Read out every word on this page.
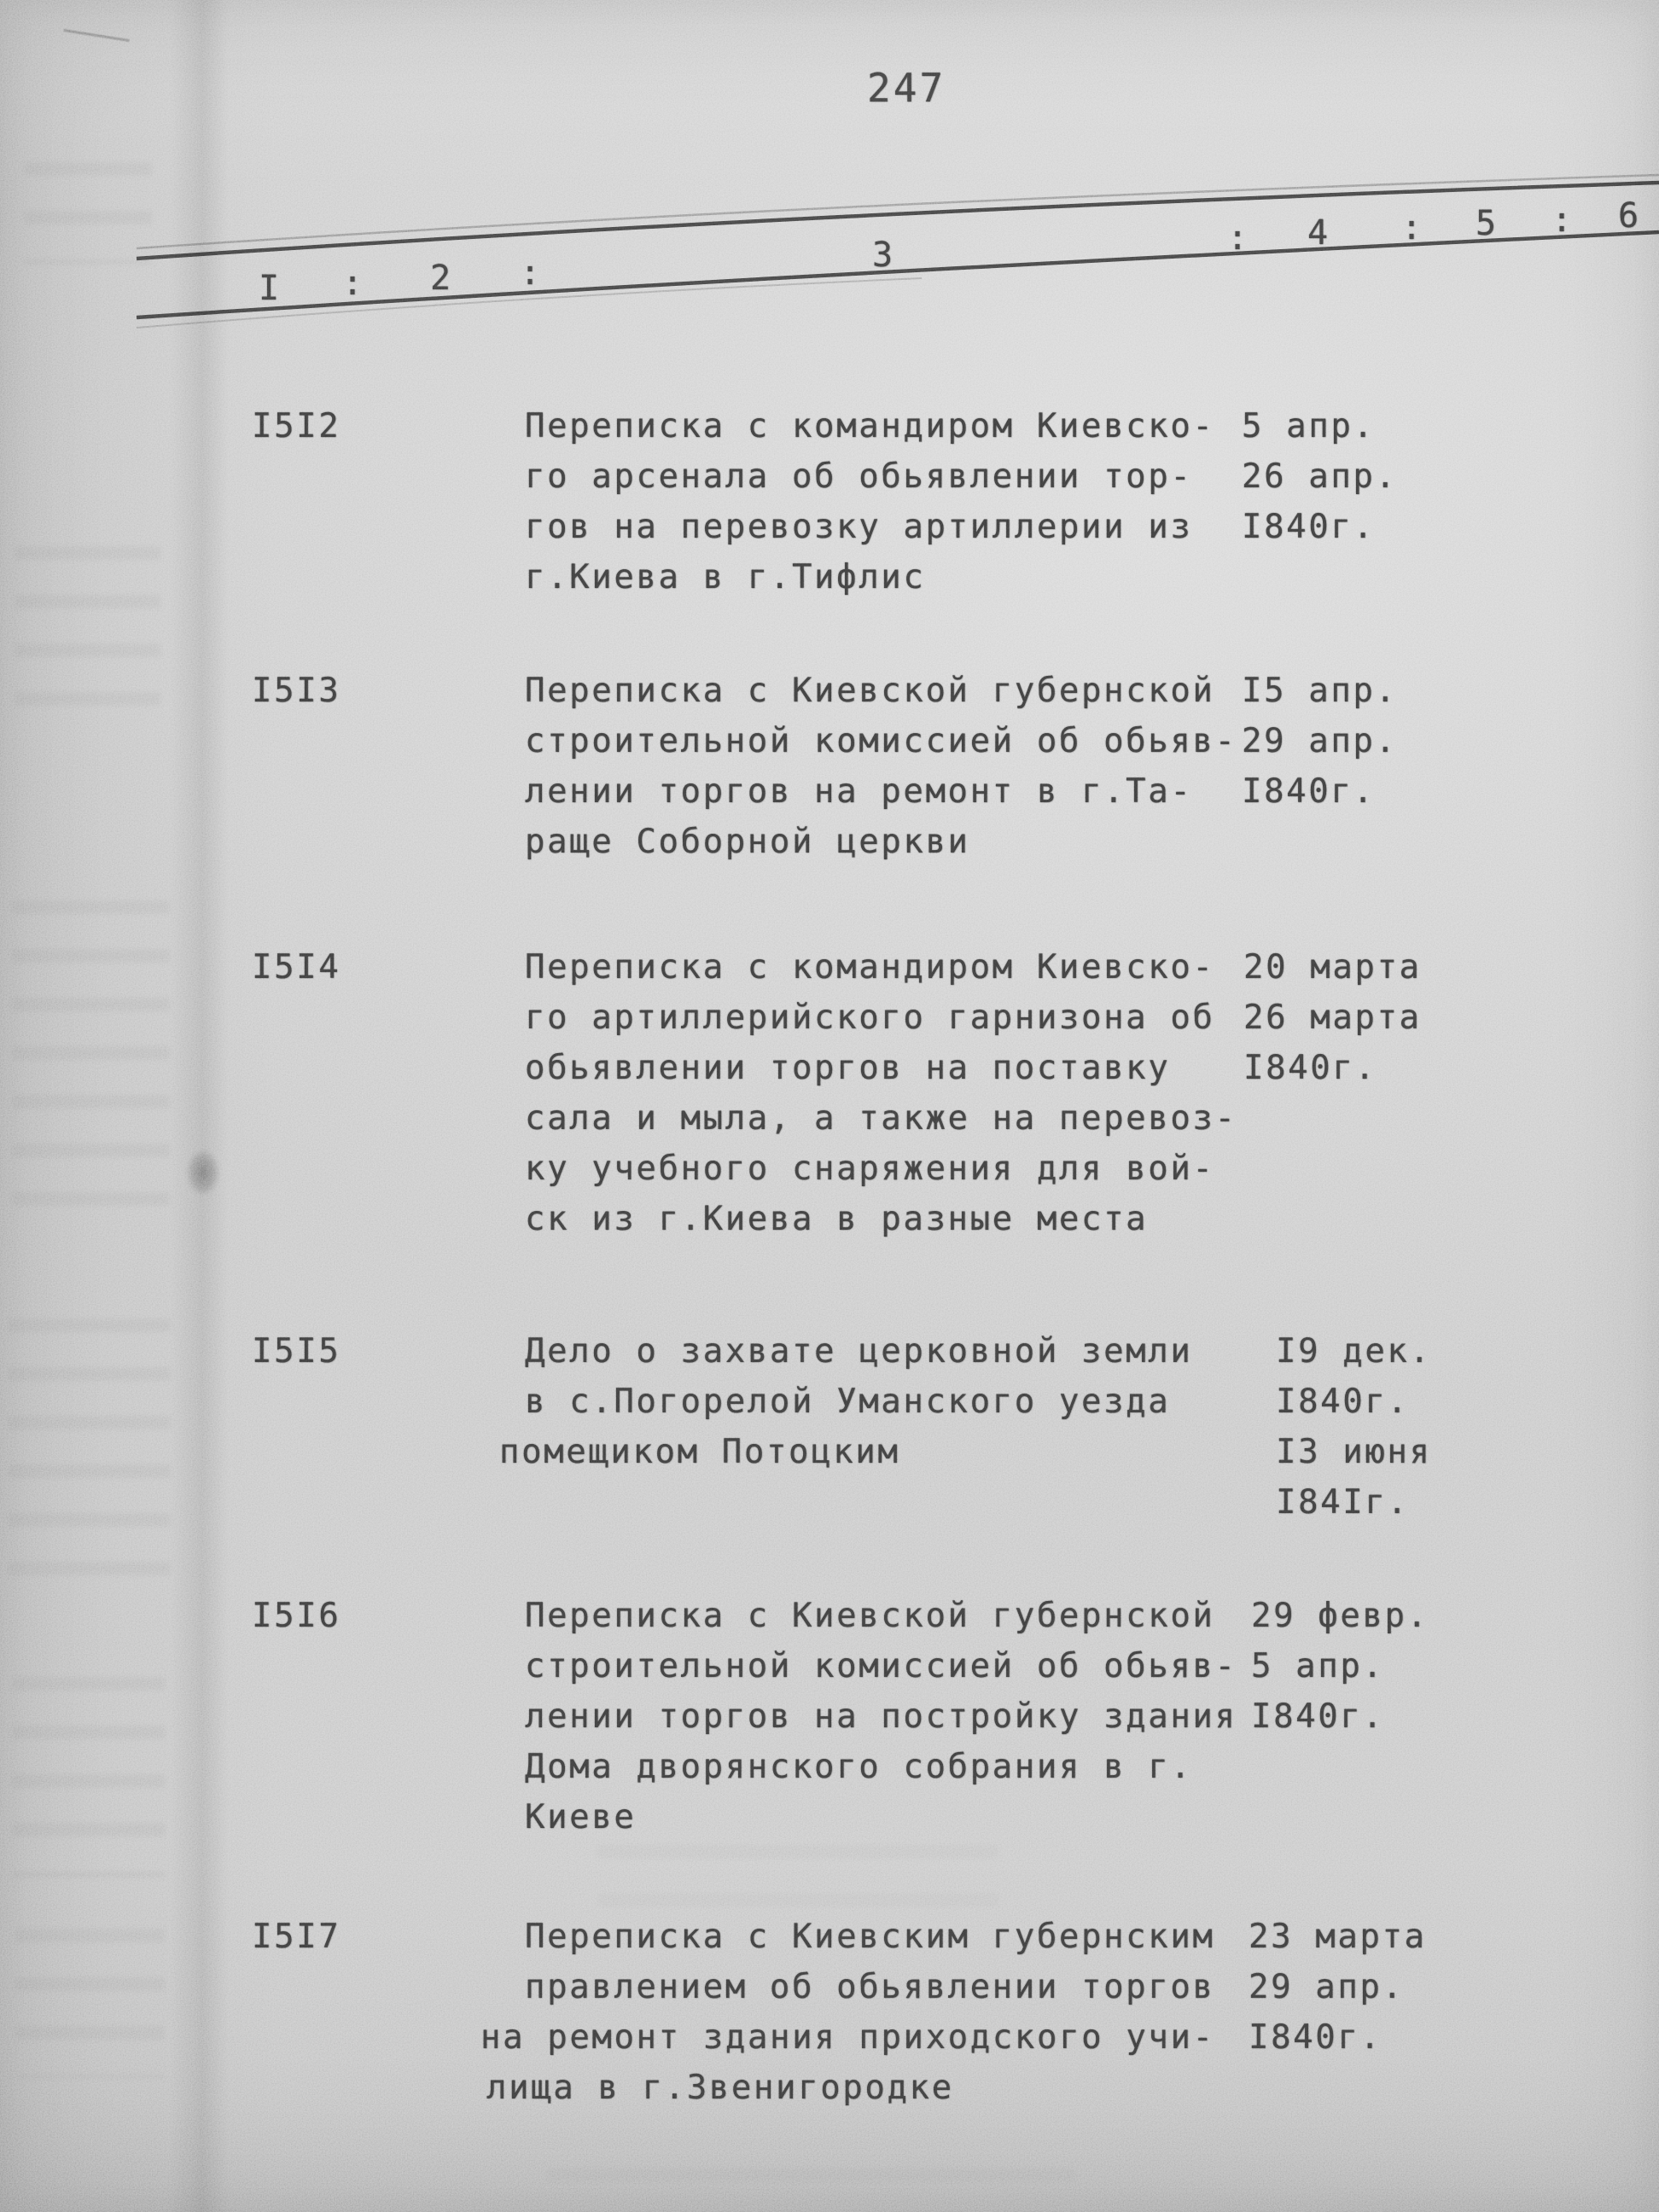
247
I : 2 :	3	: 4 : 5 : 6
I5I2	Переписка с командиром Киевско-
го арсенала об обьявлении тор-
гов на перевозку артиллерии из
г.Киева в г.Тифлис
5 апр.
26 апр.
I840г.
I5I3	Переписка с Киевской губернской
строительной комиссией об обьяв-
лении торгов на ремонт в г.Та-
раще Соборной церкви
I5 апр.
29 апр.
I840г.
I5I4	Переписка с командиром Киевско-
го артиллерийского гарнизона об
обьявлении торгов на поставку
сала и мыла, а также на перевоз-
ку учебного снаряжения для вой-
ск из г.Киева в разные места
20 марта
26 марта
I840г.
I5I5	Дело о захвате церковной земли
в с.Погорелой Уманского уезда
помещиком Потоцким
I9 дек.
I840г.
I3 июня
I84Iг.
I5I6	Переписка с Киевской губернской
строительной комиссией об обьяв-
лении торгов на постройку здания
Дома дворянского собрания в г.
Киеве
29 февр.
5 апр.
I840г.
I5I7	Переписка с Киевским губернским
правлением об обьявлении торгов
на ремонт здания приходского учи-
лища в г.Звенигородке
23 марта
29 апр.
I840г.
